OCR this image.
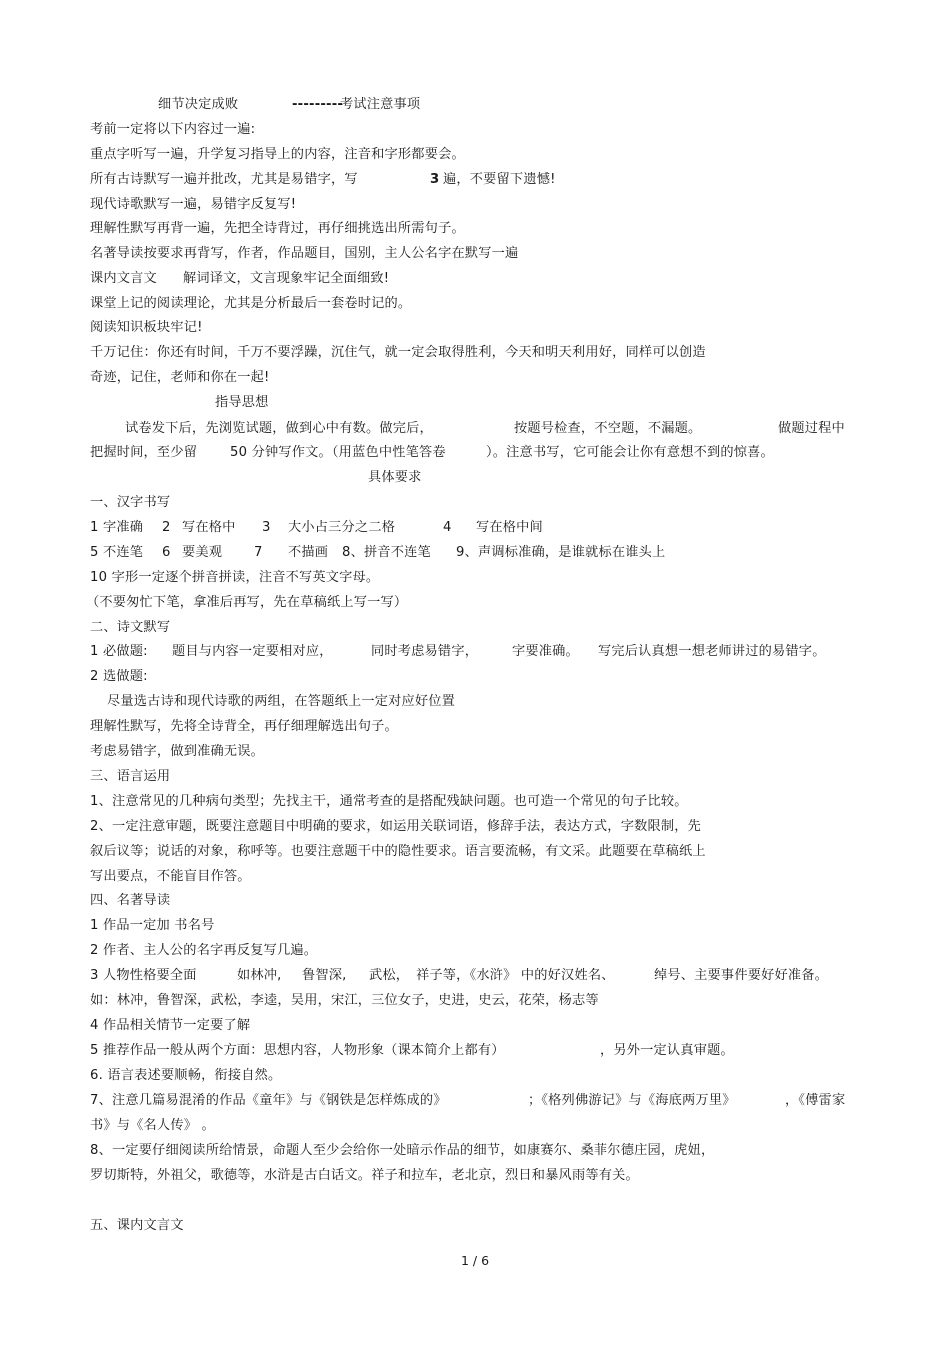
细节决定成败	---------
考试注意事项
考前一定将以下内容过一遍:
重点字听写一遍，升学复习指导上的内容，注音和字形都要会。
所有古诗默写一遍并批改，尤其是易错字，写	3 遍，不要留下遗憾!
现代诗歌默写一遍，易错字反复写!
理解性默写再背一遍，先把全诗背过，再仔细挑选出所需句子。
名著导读按要求再背写，作者，作品题目，国别，主人公名字在默写一遍
课内文言文 解词译文，文言现象牢记全面细致!
课堂上记的阅读理论，尤其是分析最后一套卷时记的。
阅读知识板块牢记!
千万记住：你还有时间，千万不要浮躁，沉住气，就一定会取得胜利，今天和明天利用好，同样可以创造
奇迹，记住，老师和你在一起!
指导思想
试卷发下后，先浏览试题，做到心中有数。做完后，	按题号检查，不空题，不漏题。	做题过程中
把握时间，至少留 50 分钟写作文。（用蓝色中性笔答卷	）。注意书写，它可能会让你有意想不到的惊喜。
具体要求
一、汉字书写
1 字准确 2 写在格中 3 大小占三分之二格	4 写在格中间
5 不连笔 6 要美观 7 不描画 8、拼音不连笔 9、声调标准确，是谁就标在谁头上
10 字形一定逐个拼音拼读，注音不写英文字母。
（不要匆忙下笔，拿准后再写，先在草稿纸上写一写）
二、诗文默写
1 必做题: 题目与内容一定要相对应，	同时考虑易错字，	字要准确。 写完后认真想一想老师讲过的易错字。
2 选做题:
尽量选古诗和现代诗歌的两组，在答题纸上一定对应好位置
理解性默写，先将全诗背全，再仔细理解选出句子。
考虑易错字，做到准确无误。
三、语言运用
1、注意常见的几种病句类型；先找主干，通常考查的是搭配残缺问题。也可造一个常见的句子比较。
2、一定注意审题，既要注意题目中明确的要求，如运用关联词语，修辞手法，表达方式，字数限制，先
叙后议等；说话的对象，称呼等。也要注意题干中的隐性要求。语言要流畅，有文采。此题要在草稿纸上
写出要点，不能盲目作答。
四、名著导读
1 作品一定加 书名号
2 作者、主人公的名字再反复写几遍。
3 人物性格要全面	如林冲, 鲁智深, 武松， 祥子等，《水浒》 中的好汉姓名、	绰号、主要事件要好好准备。
如：林冲，鲁智深，武松，李逵，吴用，宋江，三位女子，史进，史云，花荣，杨志等
4 作品相关情节一定要了解
5 推荐作品一般从两个方面：思想内容，人物形象（课本简介上都有）	，另外一定认真审题。
6. 语言表述要顺畅，衔接自然。
7、注意几篇易混淆的作品《童年》与《钢铁是怎样炼成的》	；《格列佛游记》与《海底两万里》	，《傅雷家
书》与《名人传》 。
8、一定要仔细阅读所给情景，命题人至少会给你一处暗示作品的细节，如康赛尔、桑菲尔德庄园，虎妞，
罗切斯特，外祖父，歌德等，水浒是古白话文。祥子和拉车，老北京，烈日和暴风雨等有关。
五、课内文言文
1 / 6
